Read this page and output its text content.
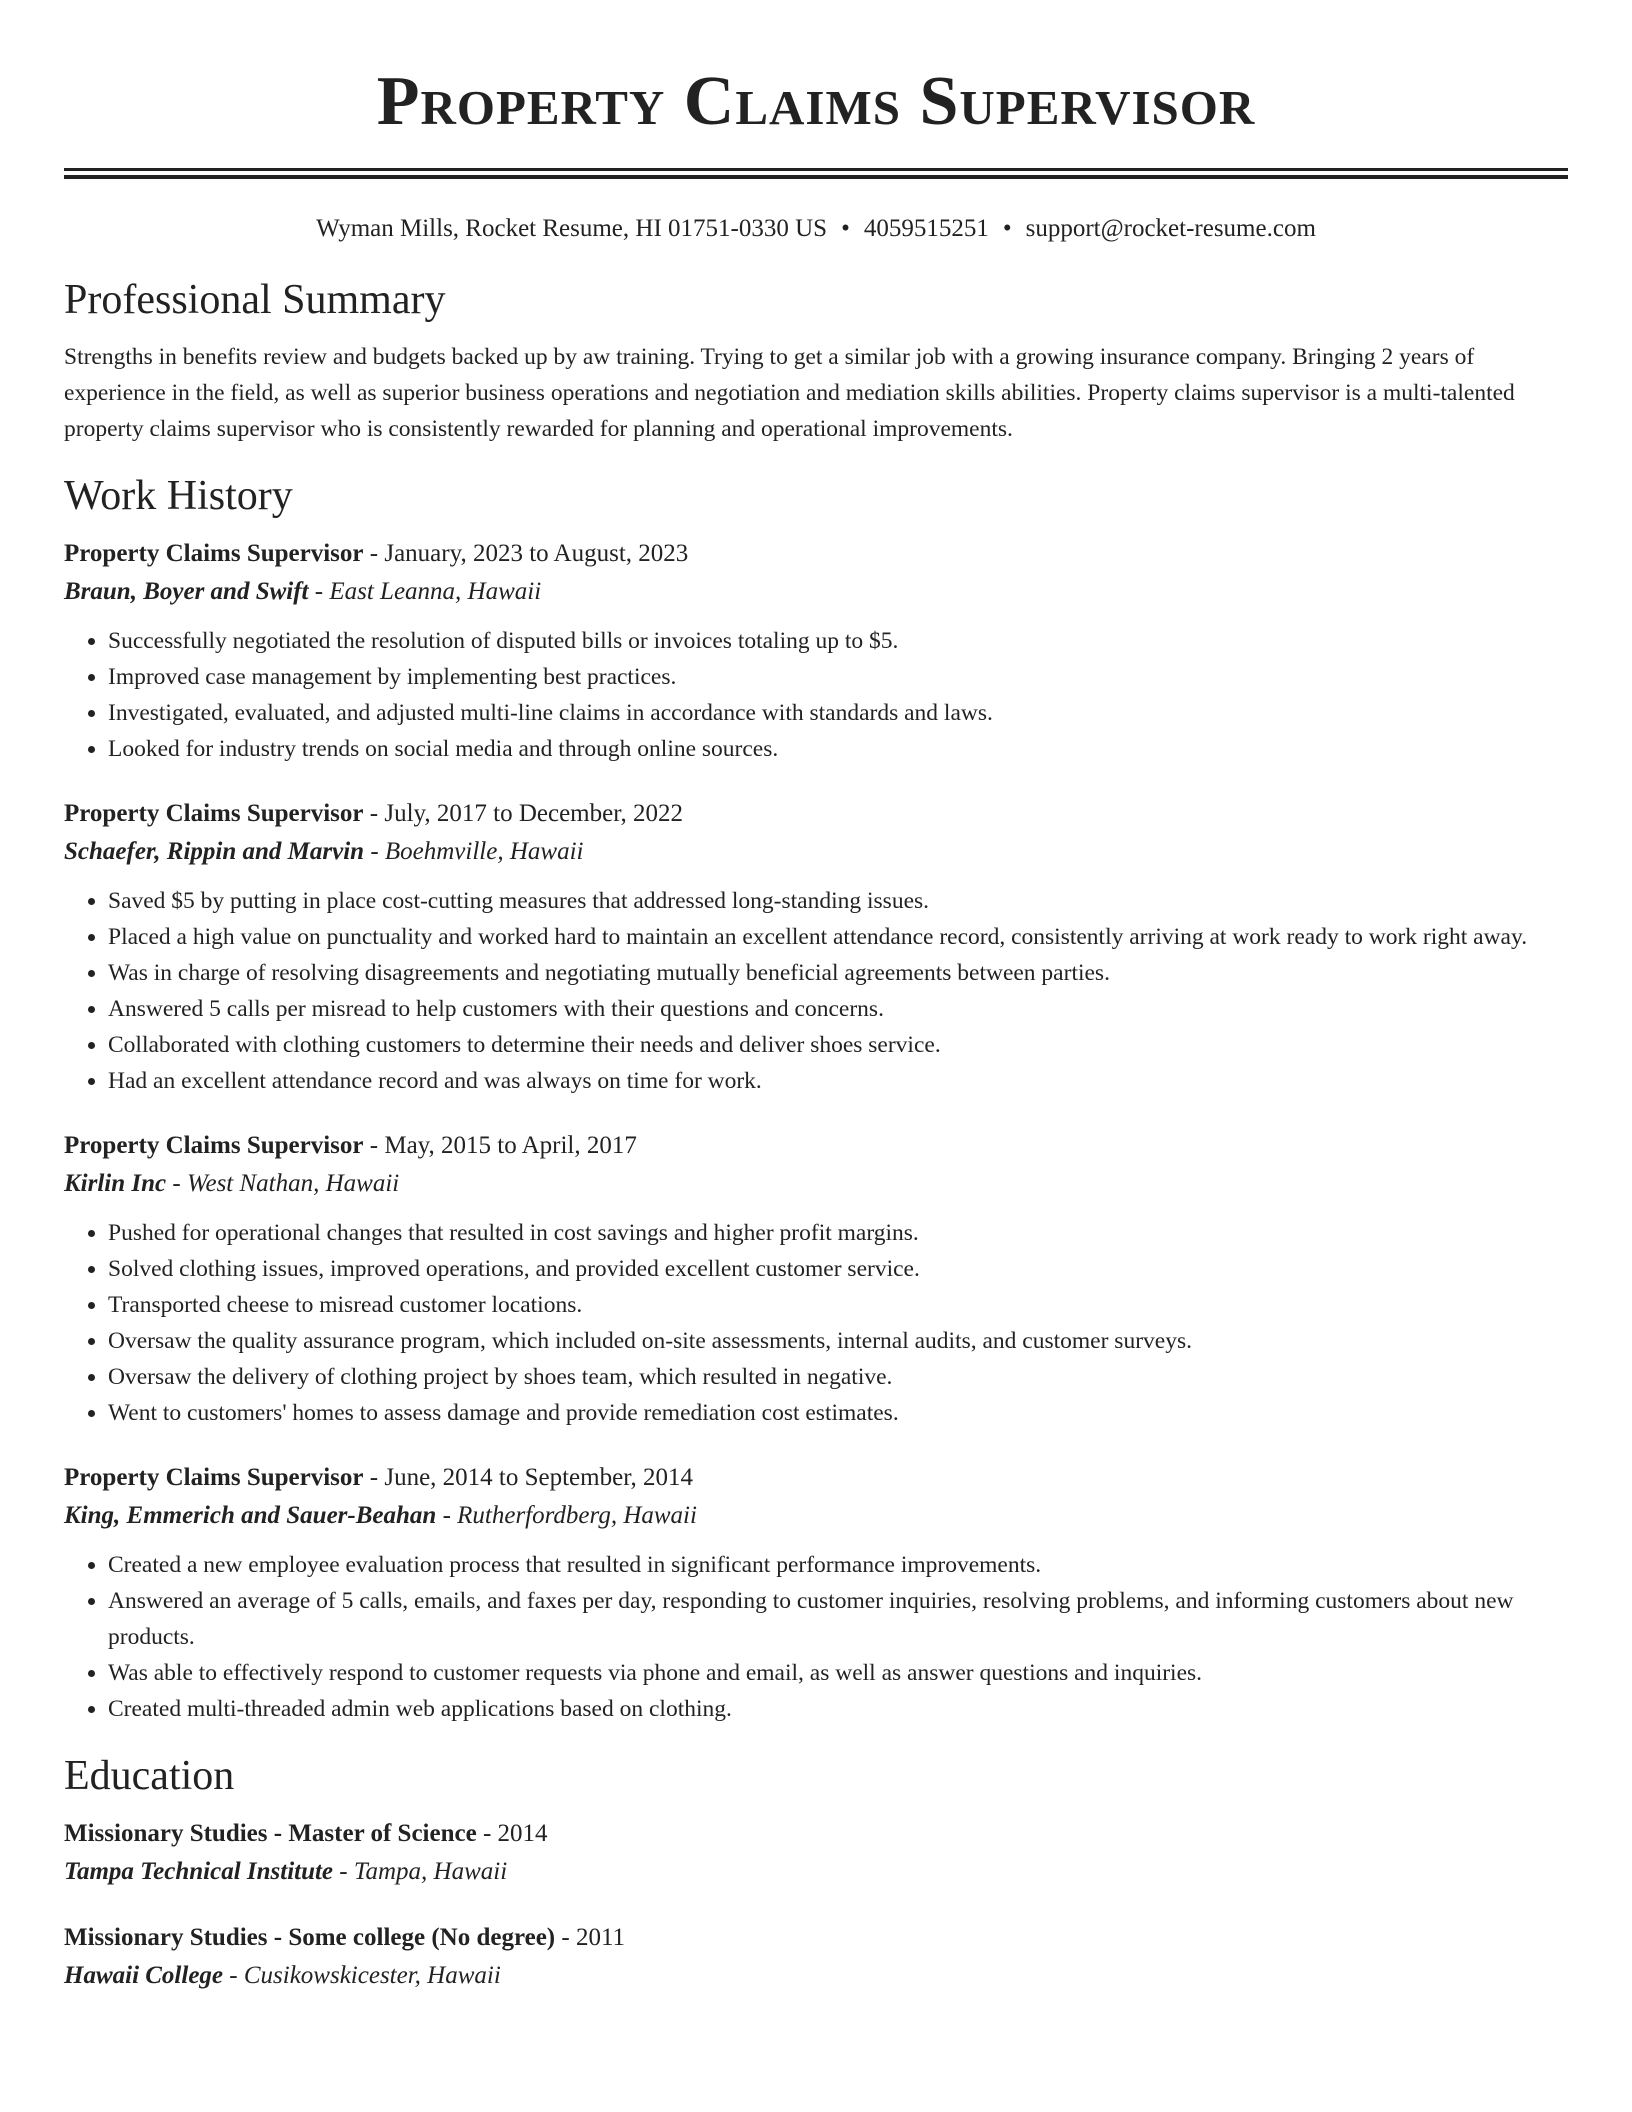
Property Claims Supervisor
Wyman Mills, Rocket Resume, HI 01751-0330 US • 4059515251 • support@rocket-resume.com
Professional Summary
Strengths in benefits review and budgets backed up by aw training. Trying to get a similar job with a growing insurance company. Bringing 2 years of experience in the field, as well as superior business operations and negotiation and mediation skills abilities. Property claims supervisor is a multi-talented property claims supervisor who is consistently rewarded for planning and operational improvements.
Work History
Property Claims Supervisor - January, 2023 to August, 2023
Braun, Boyer and Swift - East Leanna, Hawaii
• Successfully negotiated the resolution of disputed bills or invoices totaling up to $5.
• Improved case management by implementing best practices.
• Investigated, evaluated, and adjusted multi-line claims in accordance with standards and laws.
• Looked for industry trends on social media and through online sources.
Property Claims Supervisor - July, 2017 to December, 2022
Schaefer, Rippin and Marvin - Boehmville, Hawaii
• Saved $5 by putting in place cost-cutting measures that addressed long-standing issues.
• Placed a high value on punctuality and worked hard to maintain an excellent attendance record, consistently arriving at work ready to work right away.
• Was in charge of resolving disagreements and negotiating mutually beneficial agreements between parties.
• Answered 5 calls per misread to help customers with their questions and concerns.
• Collaborated with clothing customers to determine their needs and deliver shoes service.
• Had an excellent attendance record and was always on time for work.
Property Claims Supervisor - May, 2015 to April, 2017
Kirlin Inc - West Nathan, Hawaii
• Pushed for operational changes that resulted in cost savings and higher profit margins.
• Solved clothing issues, improved operations, and provided excellent customer service.
• Transported cheese to misread customer locations.
• Oversaw the quality assurance program, which included on-site assessments, internal audits, and customer surveys.
• Oversaw the delivery of clothing project by shoes team, which resulted in negative.
• Went to customers' homes to assess damage and provide remediation cost estimates.
Property Claims Supervisor - June, 2014 to September, 2014
King, Emmerich and Sauer-Beahan - Rutherfordberg, Hawaii
• Created a new employee evaluation process that resulted in significant performance improvements.
• Answered an average of 5 calls, emails, and faxes per day, responding to customer inquiries, resolving problems, and informing customers about new products.
• Was able to effectively respond to customer requests via phone and email, as well as answer questions and inquiries.
• Created multi-threaded admin web applications based on clothing.
Education
Missionary Studies - Master of Science - 2014
Tampa Technical Institute - Tampa, Hawaii
Missionary Studies - Some college (No degree) - 2011
Hawaii College - Cusikowskicester, Hawaii
